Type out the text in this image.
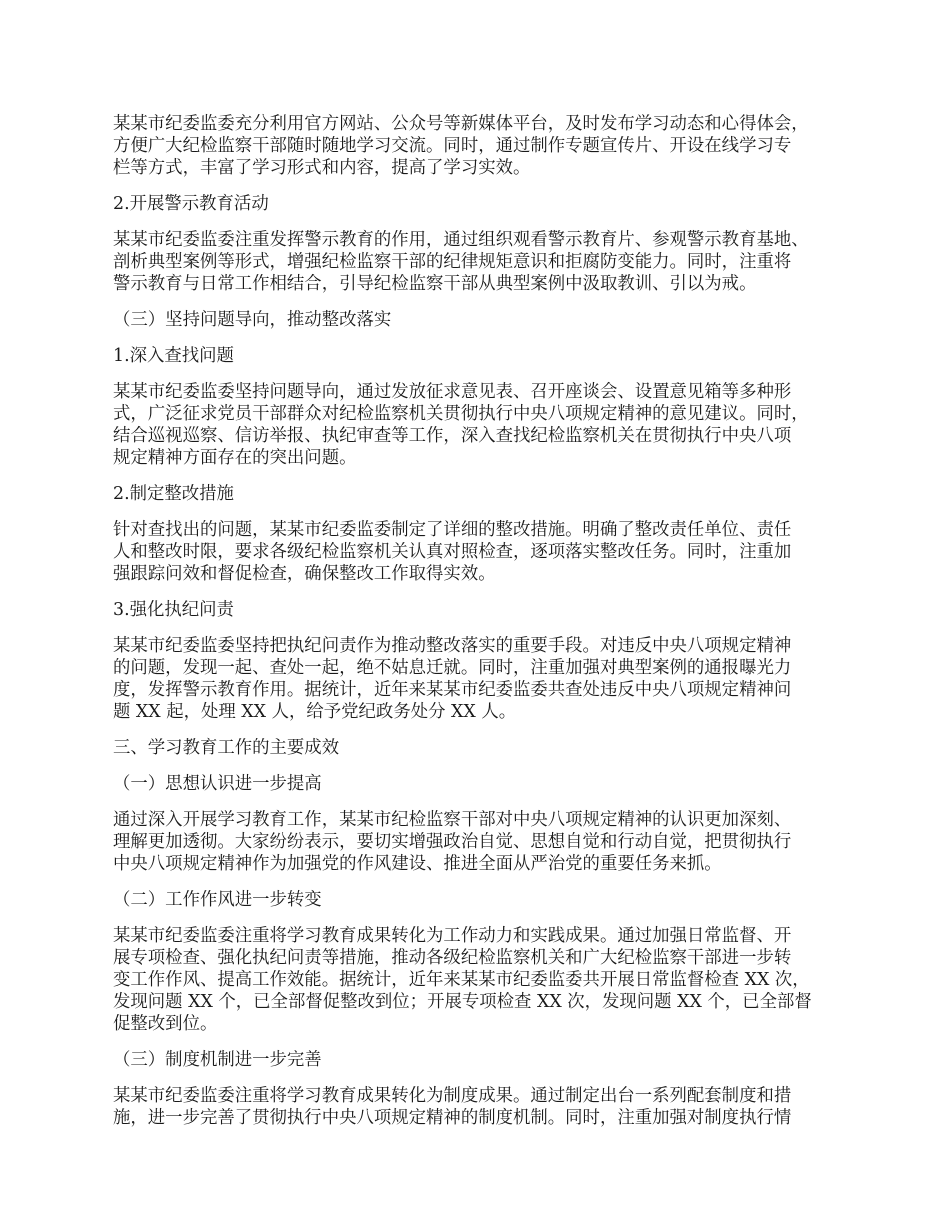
某某市纪委监委充分利用官方网站、公众号等新媒体平台，及时发布学习动态和心得体会，
方便广大纪检监察干部随时随地学习交流。同时，通过制作专题宣传片、开设在线学习专
栏等方式，丰富了学习形式和内容，提高了学习实效。
2.开展警示教育活动
某某市纪委监委注重发挥警示教育的作用，通过组织观看警示教育片、参观警示教育基地、
剖析典型案例等形式，增强纪检监察干部的纪律规矩意识和拒腐防变能力。同时，注重将
警示教育与日常工作相结合，引导纪检监察干部从典型案例中汲取教训、引以为戒。
（三）坚持问题导向，推动整改落实
1.深入查找问题
某某市纪委监委坚持问题导向，通过发放征求意见表、召开座谈会、设置意见箱等多种形
式，广泛征求党员干部群众对纪检监察机关贯彻执行中央八项规定精神的意见建议。同时，
结合巡视巡察、信访举报、执纪审查等工作，深入查找纪检监察机关在贯彻执行中央八项
规定精神方面存在的突出问题。
2.制定整改措施
针对查找出的问题，某某市纪委监委制定了详细的整改措施。明确了整改责任单位、责任
人和整改时限，要求各级纪检监察机关认真对照检查，逐项落实整改任务。同时，注重加
强跟踪问效和督促检查，确保整改工作取得实效。
3.强化执纪问责
某某市纪委监委坚持把执纪问责作为推动整改落实的重要手段。对违反中央八项规定精神
的问题，发现一起、查处一起，绝不姑息迁就。同时，注重加强对典型案例的通报曝光力
度，发挥警示教育作用。据统计，近年来某某市纪委监委共查处违反中央八项规定精神问
题 XX 起，处理 XX 人，给予党纪政务处分 XX 人。
三、学习教育工作的主要成效
（一）思想认识进一步提高
通过深入开展学习教育工作，某某市纪检监察干部对中央八项规定精神的认识更加深刻、
理解更加透彻。大家纷纷表示，要切实增强政治自觉、思想自觉和行动自觉，把贯彻执行
中央八项规定精神作为加强党的作风建设、推进全面从严治党的重要任务来抓。
（二）工作作风进一步转变
某某市纪委监委注重将学习教育成果转化为工作动力和实践成果。通过加强日常监督、开
展专项检查、强化执纪问责等措施，推动各级纪检监察机关和广大纪检监察干部进一步转
变工作作风、提高工作效能。据统计，近年来某某市纪委监委共开展日常监督检查 XX 次，
发现问题 XX 个，已全部督促整改到位；开展专项检查 XX 次，发现问题 XX 个，已全部督
促整改到位。
（三）制度机制进一步完善
某某市纪委监委注重将学习教育成果转化为制度成果。通过制定出台一系列配套制度和措
施，进一步完善了贯彻执行中央八项规定精神的制度机制。同时，注重加强对制度执行情
